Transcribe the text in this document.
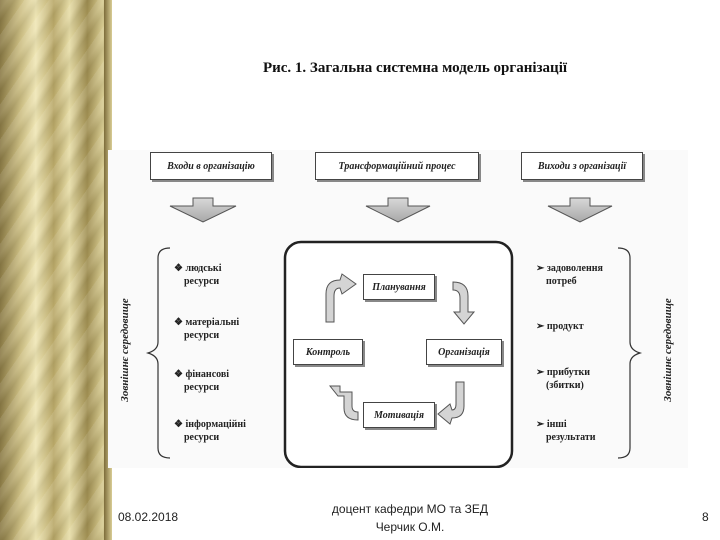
Рис. 1. Загальна системна модель організації
Входи в організацію	Трансформаційний процес	Виходи з організації
Планування
Контроль	Організація
Мотивація
Зовнішнє середовище	Зовнішнє середовище
❖ людські
ресурси
❖ матеріальні
ресурси
❖ фінансові
ресурси
❖ інформаційні
ресурси
➢ задоволення
потреб
➢ продукт
➢ прибутки
(збитки)
➢ інші
результати
08.02.2018
доцент кафедри МО та ЗЕД
Черчик О.М.
8
